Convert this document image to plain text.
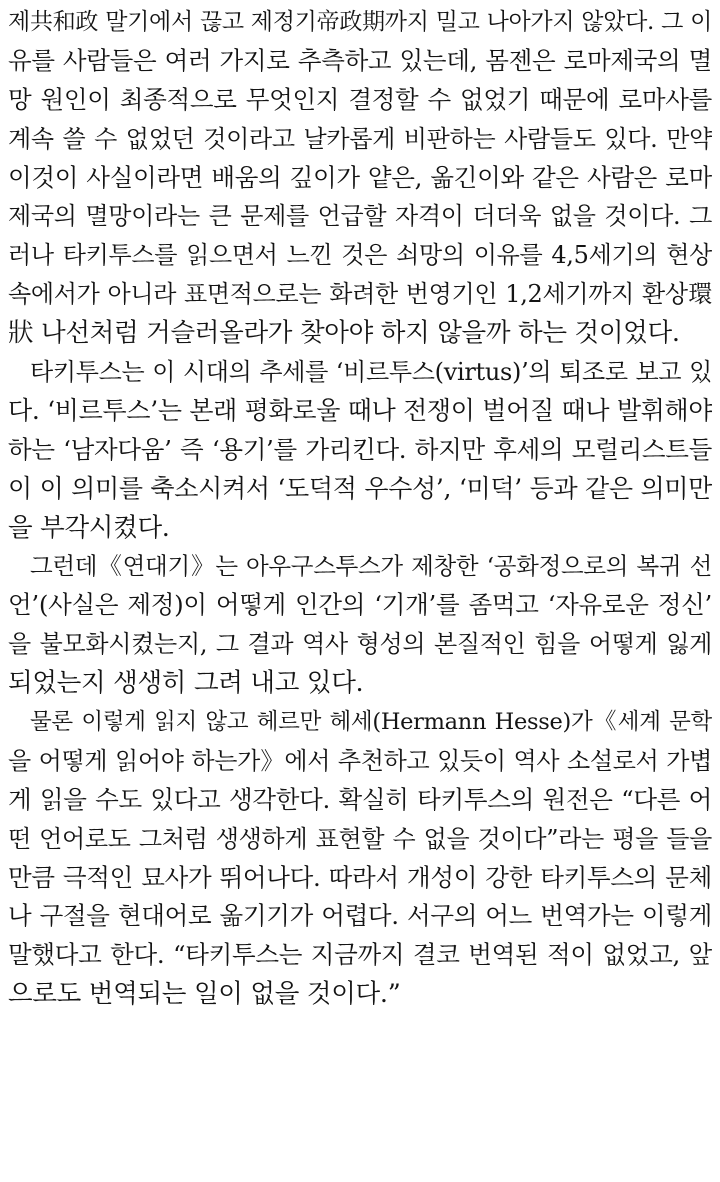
제共和政 말기에서 끊고 제정기帝政期까지 밀고 나아가지 않았다. 그 이
유를 사람들은 여러 가지로 추측하고 있는데, 몸젠은 로마제국의 멸
망 원인이 최종적으로 무엇인지 결정할 수 없었기 때문에 로마사를
계속 쓸 수 없었던 것이라고 날카롭게 비판하는 사람들도 있다. 만약
이것이 사실이라면 배움의 깊이가 얕은, 옮긴이와 같은 사람은 로마
제국의 멸망이라는 큰 문제를 언급할 자격이 더더욱 없을 것이다. 그
러나 타키투스를 읽으면서 느낀 것은 쇠망의 이유를 4,5세기의 현상
속에서가 아니라 표면적으로는 화려한 번영기인 1,2세기까지 환상環
狀 나선처럼 거슬러올라가 찾아야 하지 않을까 하는 것이었다.
타키투스는 이 시대의 추세를 ‘비르투스(virtus)’의 퇴조로 보고 있
다. ‘비르투스’는 본래 평화로울 때나 전쟁이 벌어질 때나 발휘해야
하는 ‘남자다움’ 즉 ‘용기’를 가리킨다. 하지만 후세의 모럴리스트들
이 이 의미를 축소시켜서 ‘도덕적 우수성’, ‘미덕’ 등과 같은 의미만
을 부각시켰다.
그런데《연대기》는 아우구스투스가 제창한 ‘공화정으로의 복귀 선
언’(사실은 제정)이 어떻게 인간의 ‘기개’를 좀먹고 ‘자유로운 정신’
을 불모화시켰는지, 그 결과 역사 형성의 본질적인 힘을 어떻게 잃게
되었는지 생생히 그려 내고 있다.
물론 이렇게 읽지 않고 헤르만 헤세(Hermann Hesse)가《세계 문학
을 어떻게 읽어야 하는가》에서 추천하고 있듯이 역사 소설로서 가볍
게 읽을 수도 있다고 생각한다. 확실히 타키투스의 원전은 “다른 어
떤 언어로도 그처럼 생생하게 표현할 수 없을 것이다”라는 평을 들을
만큼 극적인 묘사가 뛰어나다. 따라서 개성이 강한 타키투스의 문체
나 구절을 현대어로 옮기기가 어렵다. 서구의 어느 번역가는 이렇게
말했다고 한다. “타키투스는 지금까지 결코 번역된 적이 없었고, 앞
으로도 번역되는 일이 없을 것이다.”
